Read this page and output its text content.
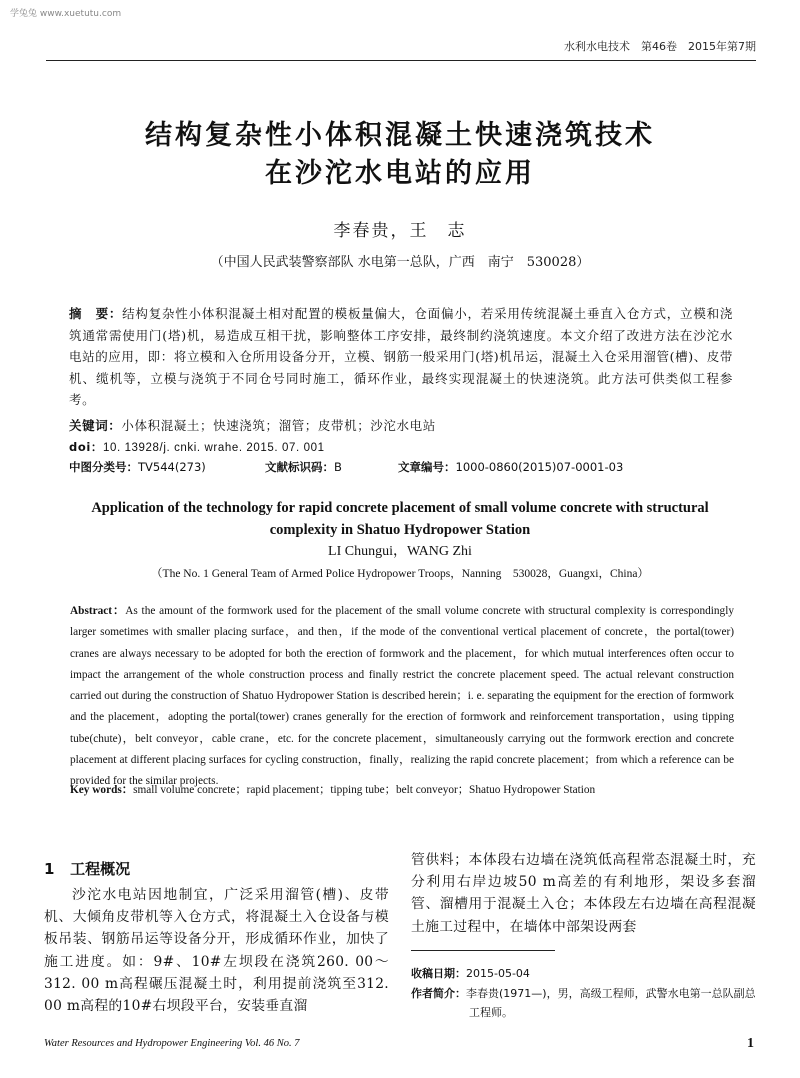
学兔兔 www.xuetutu.com
水利水电技术　第46卷　2015年第7期
结构复杂性小体积混凝土快速浇筑技术
在沙沱水电站的应用
李春贵，王　志
（中国人民武装警察部队 水电第一总队，广西　南宁　530028）
摘　要：结构复杂性小体积混凝土相对配置的模板量偏大，仓面偏小，若采用传统混凝土垂直入仓方式，立模和浇筑通常需使用门(塔)机，易造成互相干扰，影响整体工序安排，最终制约浇筑速度。本文介绍了改进方法在沙沱水电站的应用，即：将立模和入仓所用设备分开，立模、钢筋一般采用门(塔)机吊运，混凝土入仓采用溜管(槽)、皮带机、缆机等，立模与浇筑于不同仓号同时施工，循环作业，最终实现混凝土的快速浇筑。此方法可供类似工程参考。
关键词：小体积混凝土；快速浇筑；溜管；皮带机；沙沱水电站
doi：10. 13928/j. cnki. wrahe. 2015. 07. 001
中图分类号：TV544(273)	文献标识码：B	文章编号：1000-0860(2015)07-0001-03
Application of the technology for rapid concrete placement of small volume concrete with structural complexity in Shatuo Hydropower Station
LI Chungui，WANG Zhi
（The No. 1 General Team of Armed Police Hydropower Troops，Nanning　530028，Guangxi，China）
Abstract：As the amount of the formwork used for the placement of the small volume concrete with structural complexity is correspondingly larger sometimes with smaller placing surface，and then，if the mode of the conventional vertical placement of concrete，the portal(tower) cranes are always necessary to be adopted for both the erection of formwork and the placement，for which mutual interferences often occur to impact the arrangement of the whole construction process and finally restrict the concrete placement speed. The actual relevant construction carried out during the construction of Shatuo Hydropower Station is described herein；i. e. separating the equipment for the erection of formwork and the placement，adopting the portal(tower) cranes generally for the erection of formwork and reinforcement transportation，using tipping tube(chute)，belt conveyor，cable crane，etc. for the concrete placement，simultaneously carrying out the formwork erection and concrete placement at different placing surfaces for cycling construction，finally，realizing the rapid concrete placement；from which a reference can be provided for the similar projects.
Key words：small volume concrete；rapid placement；tipping tube；belt conveyor；Shatuo Hydropower Station
1 工程概况
沙沱水电站因地制宜，广泛采用溜管(槽)、皮带机、大倾角皮带机等入仓方式，将混凝土入仓设备与模板吊装、钢筋吊运等设备分开，形成循环作业，加快了施工进度。如：9#、10#左坝段在浇筑260. 00～312. 00 m高程碾压混凝土时，利用提前浇筑至312. 00 m高程的10#右坝段平台，安装垂直溜
管供料；本体段右边墙在浇筑低高程常态混凝土时，充分利用右岸边坡50 m高差的有利地形，架设多套溜管、溜槽用于混凝土入仓；本体段左右边墙在高程混凝土施工过程中，在墙体中部架设两套
收稿日期：2015-05-04
作者简介：李春贵(1971—)，男，高级工程师，武警水电第一总队副总工程师。
Water Resources and Hydropower Engineering Vol. 46 No. 7	1
